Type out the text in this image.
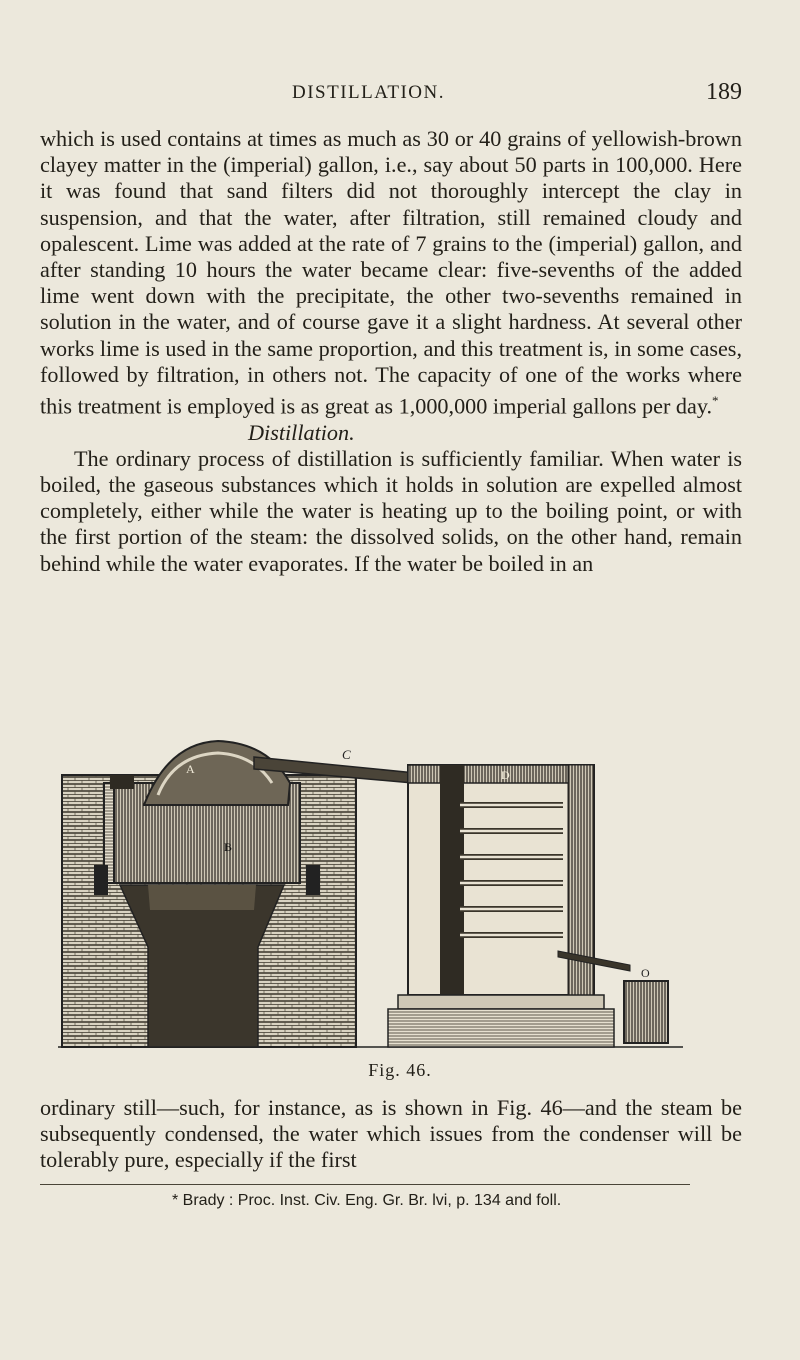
DISTILLATION.	189

which is used contains at times as much as 30 or 40 grains of yellowish-brown clayey matter in the (imperial) gallon, i.e., say about 50 parts in 100,000. Here it was found that sand filters did not thoroughly intercept the clay in suspension, and that the water, after filtration, still remained cloudy and opalescent. Lime was added at the rate of 7 grains to the (imperial) gallon, and after standing 10 hours the water became clear: five-sevenths of the added lime went down with the precipitate, the other two-sevenths remained in solution in the water, and of course gave it a slight hardness. At several other works lime is used in the same proportion, and this treatment is, in some cases, followed by filtration, in others not. The capacity of one of the works where this treatment is employed is as great as 1,000,000 imperial gallons per day.*

Distillation.

The ordinary process of distillation is sufficiently familiar. When water is boiled, the gaseous substances which it holds in solution are expelled almost completely, either while the water is heating up to the boiling point, or with the first portion of the steam: the dissolved solids, on the other hand, remain behind while the water evaporates. If the water be boiled in an

A
B
C
D
O
Fig. 46.

ordinary still—such, for instance, as is shown in Fig. 46—and the steam be subsequently condensed, the water which issues from the condenser will be tolerably pure, especially if the first

* Brady : Proc. Inst. Civ. Eng. Gr. Br. lvi, p. 134 and foll.
